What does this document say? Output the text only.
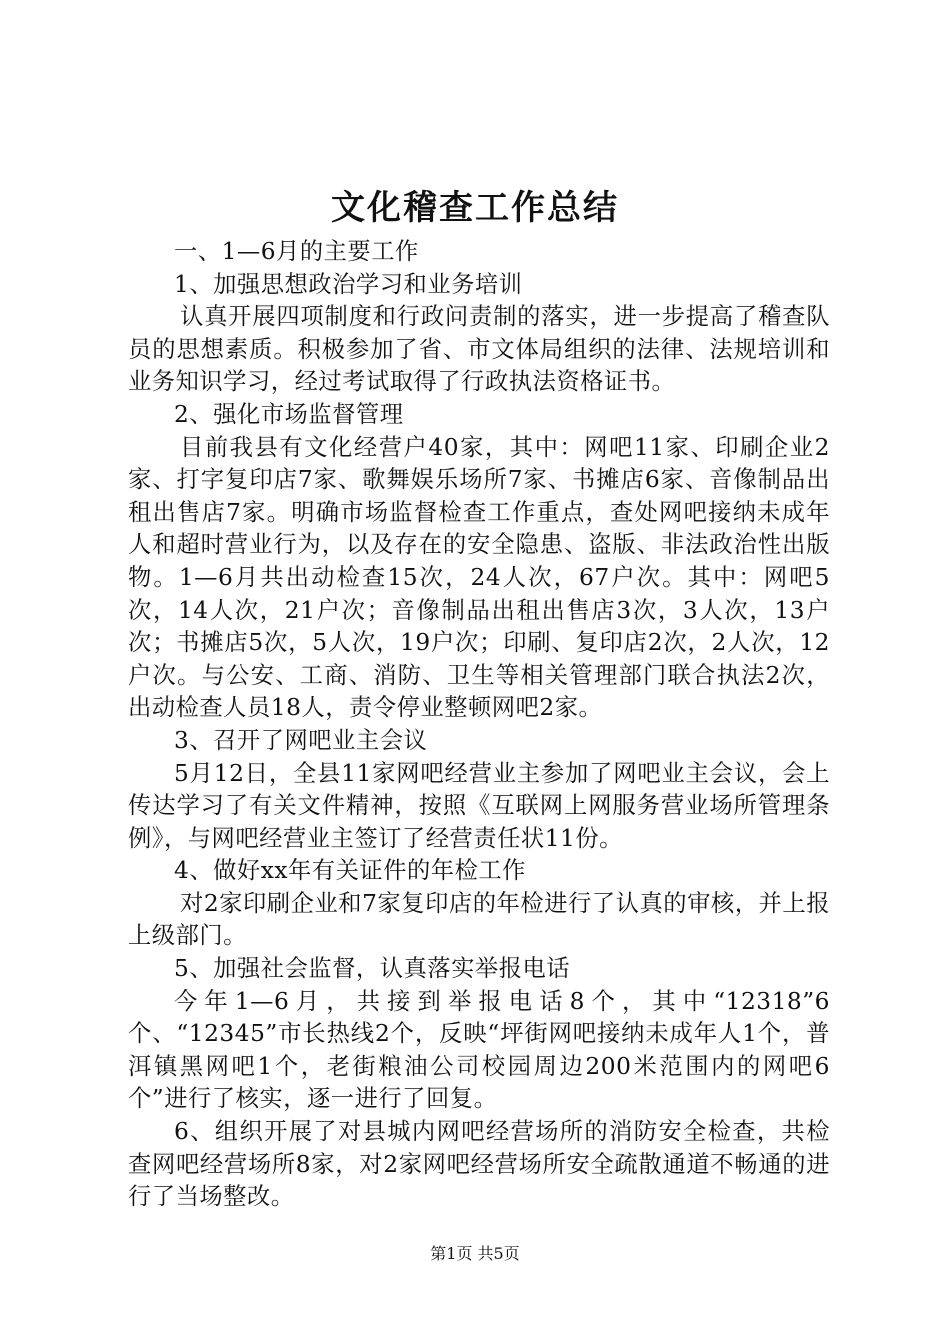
文化稽查工作总结

一、1—6月的主要工作

1、加强思想政治学习和业务培训

认真开展四项制度和行政问责制的落实，进一步提高了稽查队员的思想素质。积极参加了省、市文体局组织的法律、法规培训和业务知识学习，经过考试取得了行政执法资格证书。

2、强化市场监督管理

目前我县有文化经营户40家，其中：网吧11家、印刷企业2家、打字复印店7家、歌舞娱乐场所7家、书摊店6家、音像制品出租出售店7家。明确市场监督检查工作重点，查处网吧接纳未成年人和超时营业行为，以及存在的安全隐患、盗版、非法政治性出版物。1—6月共出动检查15次，24人次，67户次。其中：网吧5次，14人次，21户次；音像制品出租出售店3次，3人次，13户次；书摊店5次，5人次，19户次；印刷、复印店2次，2人次，12户次。与公安、工商、消防、卫生等相关管理部门联合执法2次，出动检查人员18人，责令停业整顿网吧2家。

3、召开了网吧业主会议

5月12日，全县11家网吧经营业主参加了网吧业主会议，会上传达学习了有关文件精神，按照《互联网上网服务营业场所管理条例》，与网吧经营业主签订了经营责任状11份。

4、做好xx年有关证件的年检工作

对2家印刷企业和7家复印店的年检进行了认真的审核，并上报上级部门。

5、加强社会监督，认真落实举报电话

今年1—6月，共接到举报电话8个，其中“12318”6个、“12345”市长热线2个，反映“坪街网吧接纳未成年人1个，普洱镇黑网吧1个，老街粮油公司校园周边200米范围内的网吧6个”进行了核实，逐一进行了回复。

6、组织开展了对县城内网吧经营场所的消防安全检查，共检查网吧经营场所8家，对2家网吧经营场所安全疏散通道不畅通的进行了当场整改。

第1页 共5页
